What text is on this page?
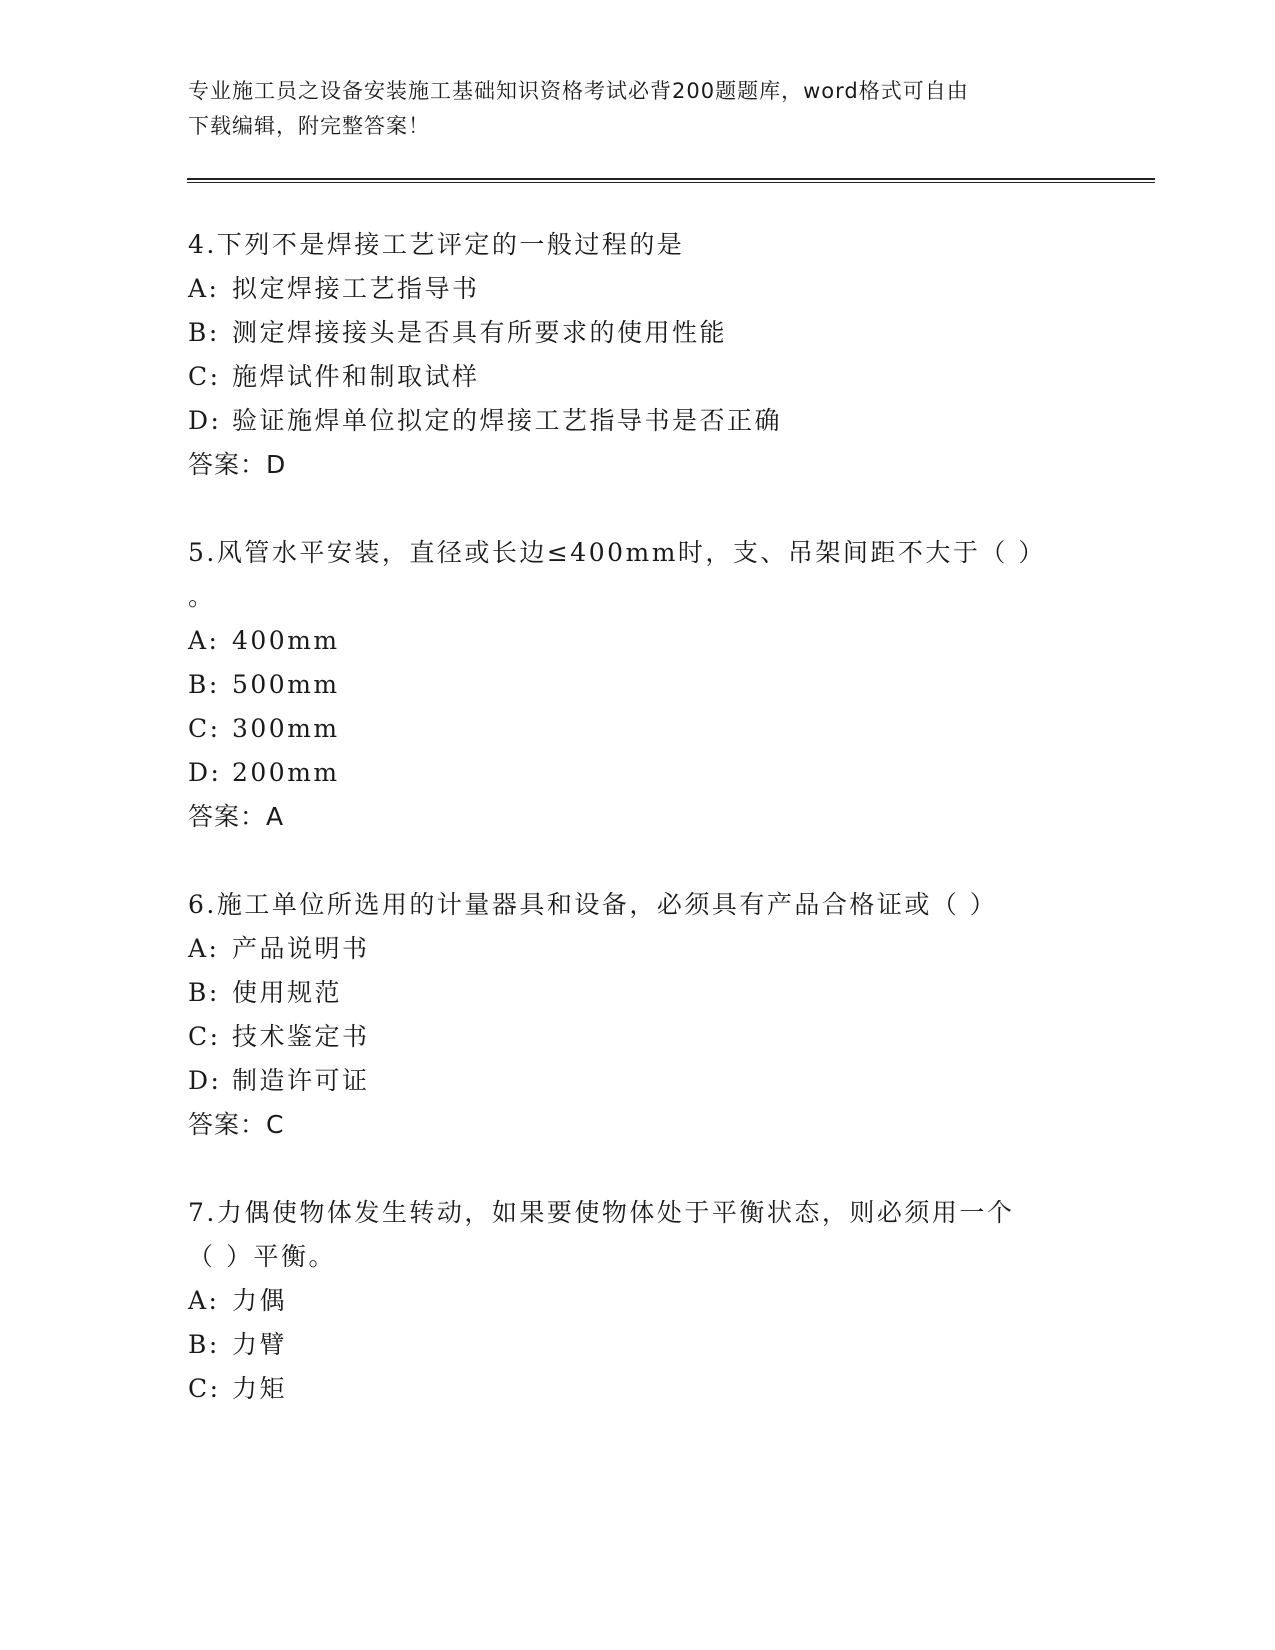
专业施工员之设备安装施工基础知识资格考试必背200题题库，word格式可自由
下载编辑，附完整答案！
4.下列不是焊接工艺评定的一般过程的是
A: 拟定焊接工艺指导书
B: 测定焊接接头是否具有所要求的使用性能
C: 施焊试件和制取试样
D: 验证施焊单位拟定的焊接工艺指导书是否正确
答案：D
5.风管水平安装，直径或长边≤400mm时，支、吊架间距不大于（ ）
。
A: 400mm
B: 500mm
C: 300mm
D: 200mm
答案：A
6.施工单位所选用的计量器具和设备，必须具有产品合格证或（ ）
A: 产品说明书
B: 使用规范
C: 技术鉴定书
D: 制造许可证
答案：C
7.力偶使物体发生转动，如果要使物体处于平衡状态，则必须用一个
（ ）平衡。
A: 力偶
B: 力臂
C: 力矩
